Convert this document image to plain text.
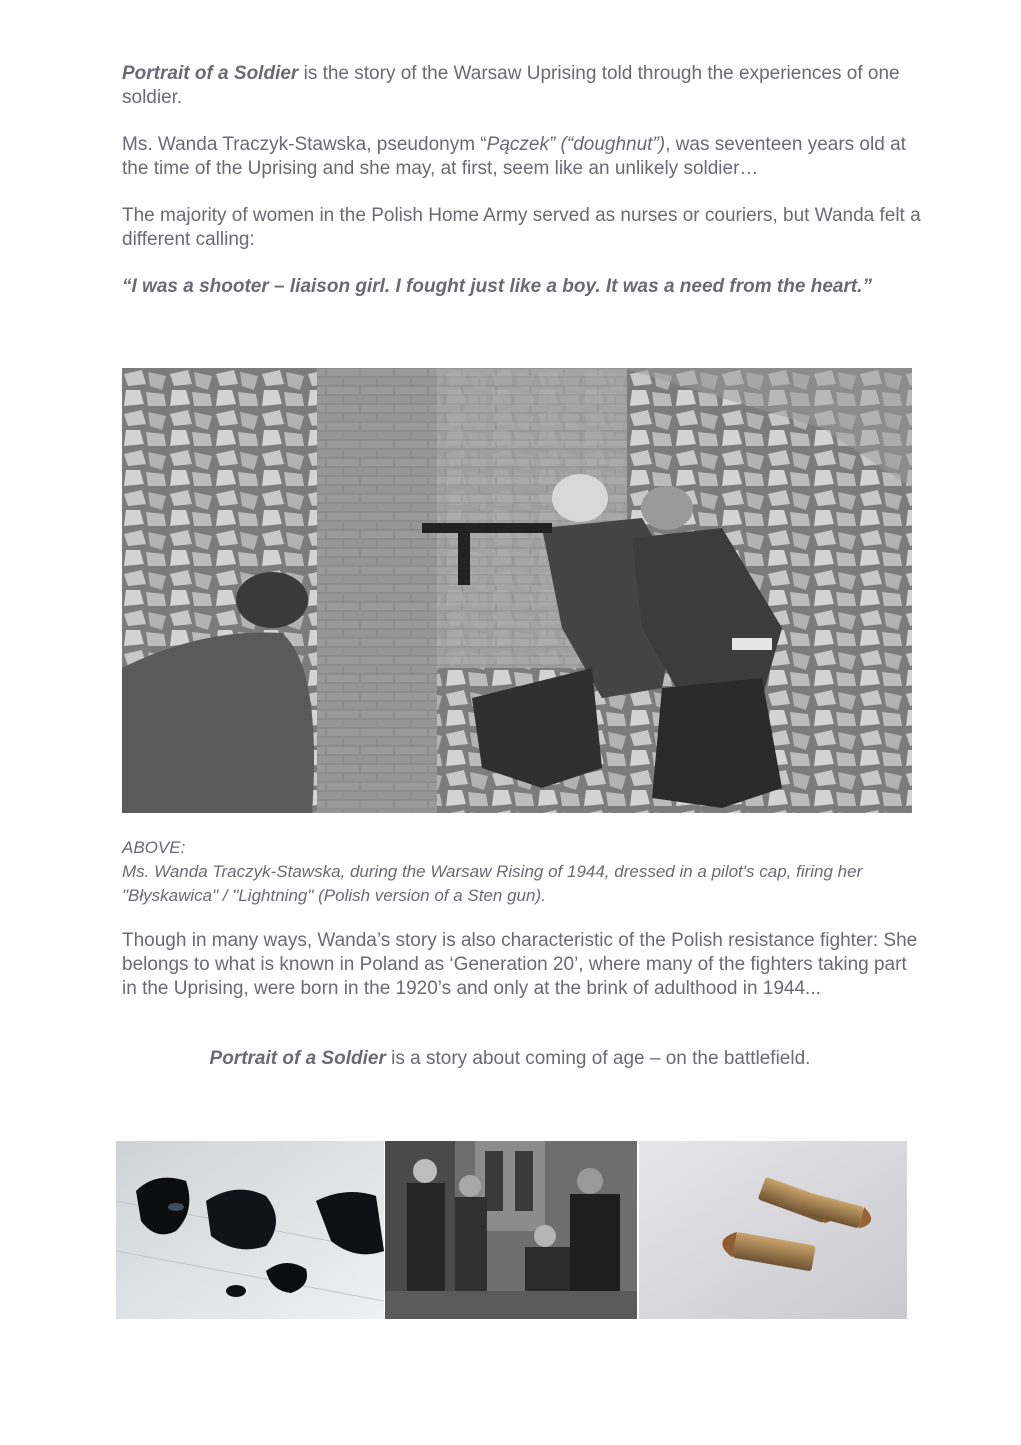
Portrait of a Soldier is the story of the Warsaw Uprising told through the experiences of one soldier.

Ms. Wanda Traczyk-Stawska, pseudonym “Pączek” (“doughnut”), was seventeen years old at the time of the Uprising and she may, at first, seem like an unlikely soldier…

The majority of women in the Polish Home Army served as nurses or couriers, but Wanda felt a different calling:

“I was a shooter – liaison girl. I fought just like a boy. It was a need from the heart.”

ABOVE:
Ms. Wanda Traczyk-Stawska, during the Warsaw Rising of 1944, dressed in a pilot's cap, firing her "Błyskawica" / "Lightning" (Polish version of a Sten gun).

Though in many ways, Wanda’s story is also characteristic of the Polish resistance fighter: She belongs to what is known in Poland as ‘Generation 20’, where many of the fighters taking part in the Uprising, were born in the 1920’s and only at the brink of adulthood in 1944...

Portrait of a Soldier is a story about coming of age – on the battlefield.
